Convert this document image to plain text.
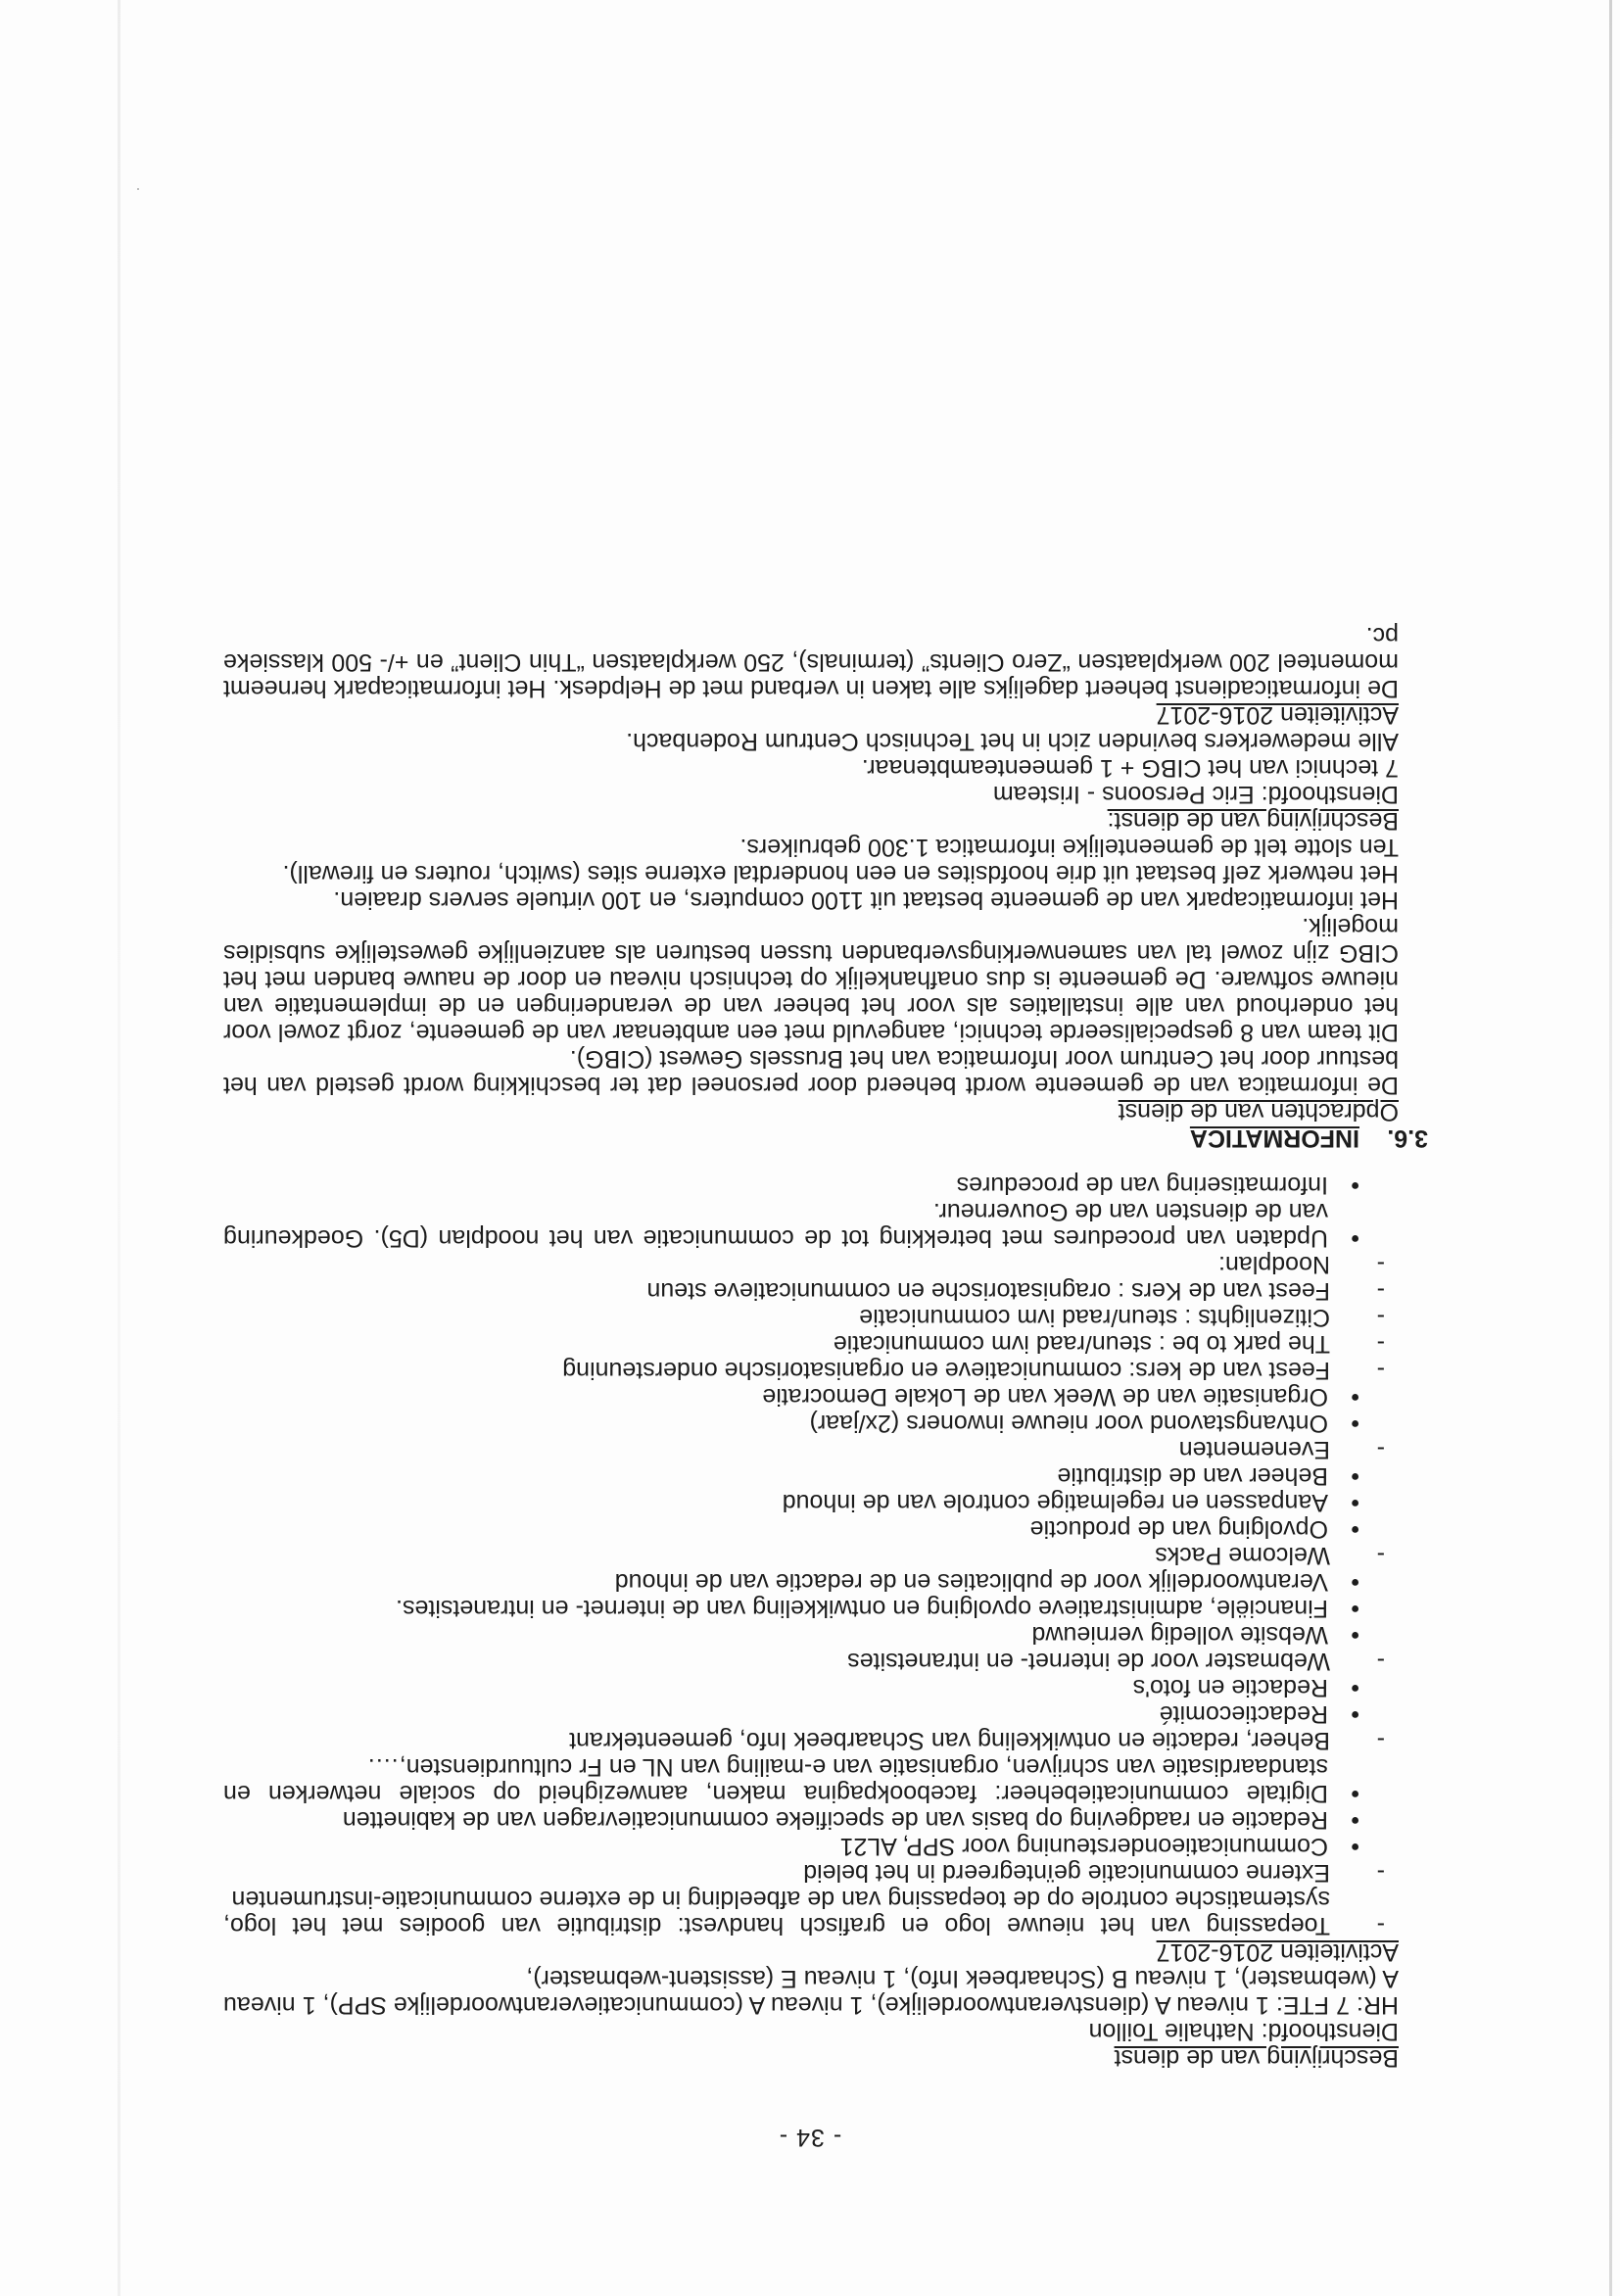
- 34 -
Beschrijving van de dienst
Diensthoofd: Nathalie Toillon
HR: 7 FTE: 1 niveau A (dienstverantwoordelijke), 1 niveau A (communicatieverantwoordelijke SPP), 1 niveau A (webmaster), 1 niveau B (Schaarbeek Info), 1 niveau E (assistent-webmaster),
Activiteiten 2016-2017
- Toepassing van het nieuwe logo en grafisch handvest: distributie van goodies met het logo, systematische controle op de toepassing van de afbeelding in de externe communicatie-instrumenten
- Externe communicatie geïntegreerd in het beleid
• Communicatieondersteuning voor SPP, AL21
• Redactie en raadgeving op basis van de specifieke communicatievragen van de kabinetten
• Digitale communicatiebeheer: facebookpagina maken, aanwezigheid op sociale netwerken en standaardisatie van schrijven, organisatie van e-mailing van NL en Fr cultuurdiensten,….
- Beheer, redactie en ontwikkeling van Schaarbeek Info, gemeentekrant
• Redactiecomité
• Redactie en foto's
- Webmaster voor de internet- en intranetsites
• Website volledig vernieuwd
• Financiële, administratieve opvolging en ontwikkeling van de internet- en intranetsites.
• Verantwoordelijk voor de publicaties en de redactie van de inhoud
- Welcome Packs
• Opvolging van de productie
• Aanpassen en regelmatige controle van de inhoud
• Beheer van de distributie
- Evenementen
• Ontvangstavond voor nieuwe inwoners (2x/jaar)
• Organisatie van de Week van de Lokale Democratie
- Feest van de kers: communicatieve en organisatorische ondersteuning
- The park to be : steun/raad ivm communicatie
- Citizenlights : steun/raad ivm communicatie
- Feest van de Kers : oragnisatorische en communicatieve steun
- Noodplan:
• Updaten van procedures met betrekking tot de communicatie van het noodplan (D5). Goedkeuring van de diensten van de Gouverneur.
• Informatisering van de procedures
3.6.
INFORMATICA
Opdrachten van de dienst
De informatica van de gemeente wordt beheerd door personeel dat ter beschikking wordt gesteld van het bestuur door het Centrum voor Informatica van het Brussels Gewest (CIBG).
Dit team van 8 gespecialiseerde technici, aangevuld met een ambtenaar van de gemeente, zorgt zowel voor het onderhoud van alle installaties als voor het beheer van de veranderingen en de implementatie van nieuwe software. De gemeente is dus onafhankelijk op technisch niveau en door de nauwe banden met het CIBG zijn zowel tal van samenwerkingsverbanden tussen besturen als aanzienlijke gewestelijke subsidies mogelijk.
Het informaticapark van de gemeente bestaat uit 1100 computers, en 100 virtuele servers draaien.
Het netwerk zelf bestaat uit drie hoofdsites en een honderdtal externe sites (switch, routers en firewall).
Ten slotte telt de gemeentelijke informatica 1.300 gebruikers.
Beschrijving van de dienst:
Diensthoofd: Eric Persoons - Iristeam
7 technici van het CIBG + 1 gemeenteambtenaar.
Alle medewerkers bevinden zich in het Technisch Centrum Rodenbach.
Activiteiten 2016-2017
De informaticadienst beheert dagelijks alle taken in verband met de Helpdesk. Het informaticapark herneemt momenteel 200 werkplaatsen “Zero Clients” (terminals), 250 werkplaatsen “Thin Client” en +/- 500 klassieke pc.
